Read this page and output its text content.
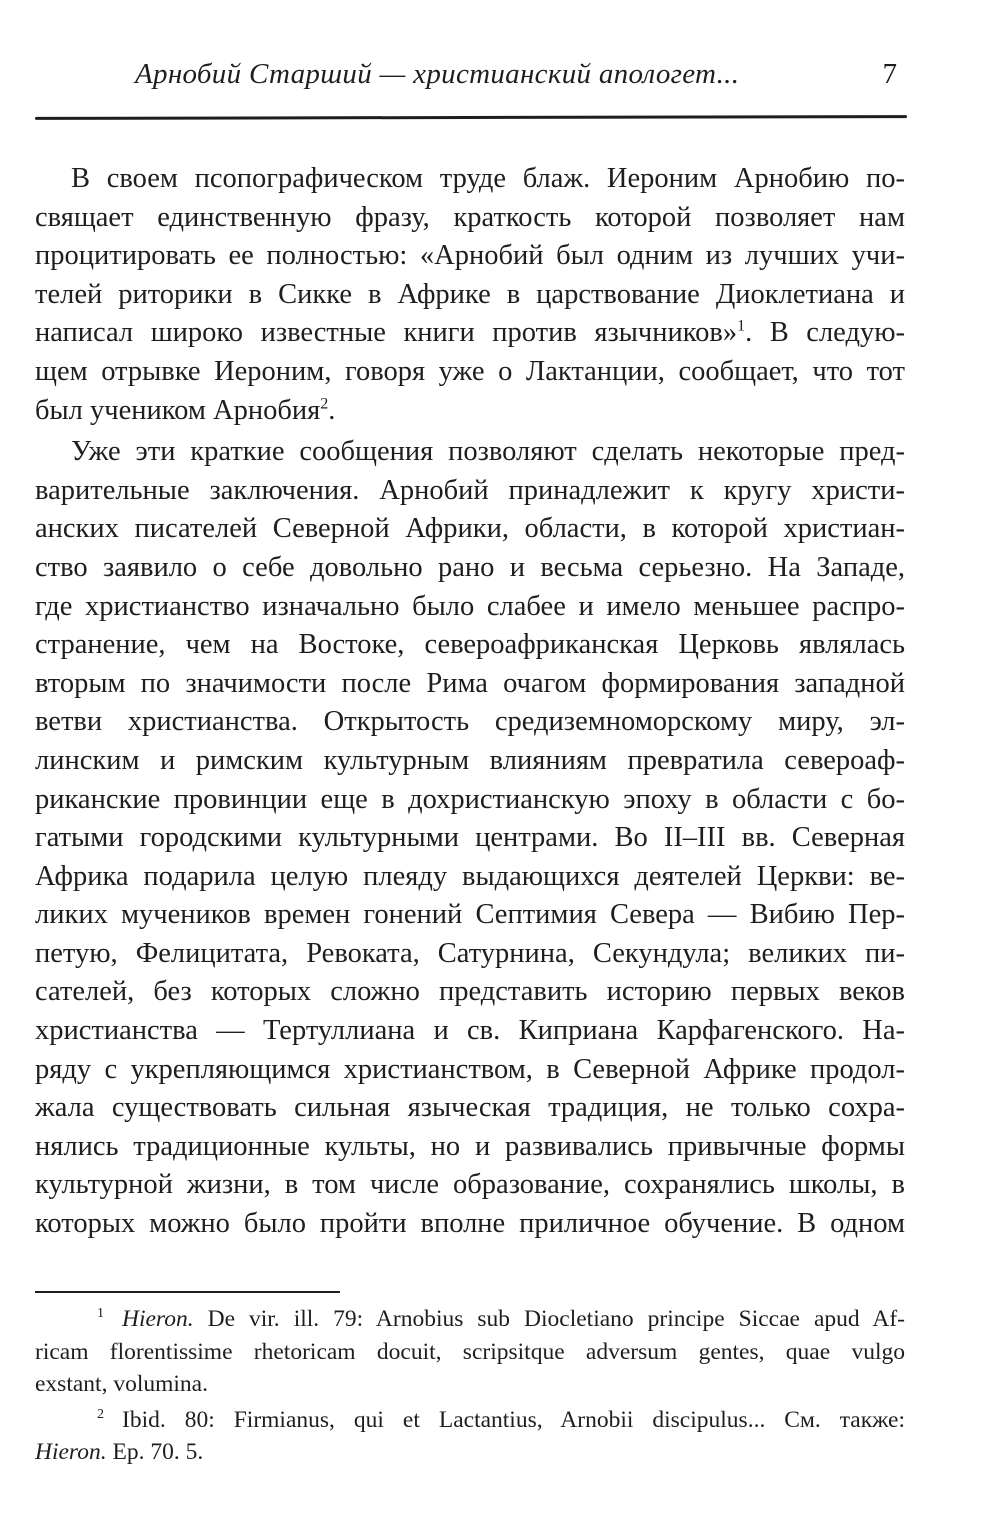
Арнобий Старший — христианский апологет...	7
В своем псопографическом труде блаж. Иероним Арнобию по-
свящает единственную фразу, краткость которой позволяет нам
процитировать ее полностью: «Арнобий был одним из лучших учи-
телей риторики в Сикке в Африке в царствование Диоклетиана и
написал широко известные книги против язычников»$^1$. В следую-
щем отрывке Иероним, говоря уже о Лактанции, сообщает, что тот
был учеником Арнобия$^2$.
Уже эти краткие сообщения позволяют сделать некоторые пред-
варительные заключения. Арнобий принадлежит к кругу христи-
анских писателей Северной Африки, области, в которой христиан-
ство заявило о себе довольно рано и весьма серьезно. На Западе,
где христианство изначально было слабее и имело меньшее распро-
странение, чем на Востоке, североафриканская Церковь являлась
вторым по значимости после Рима очагом формирования западной
ветви христианства. Открытость средиземноморскому миру, эл-
линским и римским культурным влияниям превратила североаф-
риканские провинции еще в дохристианскую эпоху в области с бо-
гатыми городскими культурными центрами. Во II–III вв. Северная
Африка подарила целую плеяду выдающихся деятелей Церкви: ве-
ликих мучеников времен гонений Септимия Севера — Вибию Пер-
петую, Фелицитата, Ревоката, Сатурнина, Секундула; великих пи-
сателей, без которых сложно представить историю первых веков
христианства — Тертуллиана и св. Киприана Карфагенского. На-
ряду с укрепляющимся христианством, в Северной Африке продол-
жала существовать сильная языческая традиция, не только сохра-
нялись традиционные культы, но и развивались привычные формы
культурной жизни, в том числе образование, сохранялись школы, в
которых можно было пройти вполне приличное обучение. В одном
$^1$ Hieron. De vir. ill. 79: Arnobius sub Diocletiano principe Siccae apud Af-
ricam florentissime rhetoricam docuit, scripsitque adversum gentes, quae vulgo
exstant, volumina.
$^2$ Ibid. 80: Firmianus, qui et Lactantius, Arnobii discipulus... См. также:
Hieron. Ep. 70. 5.
